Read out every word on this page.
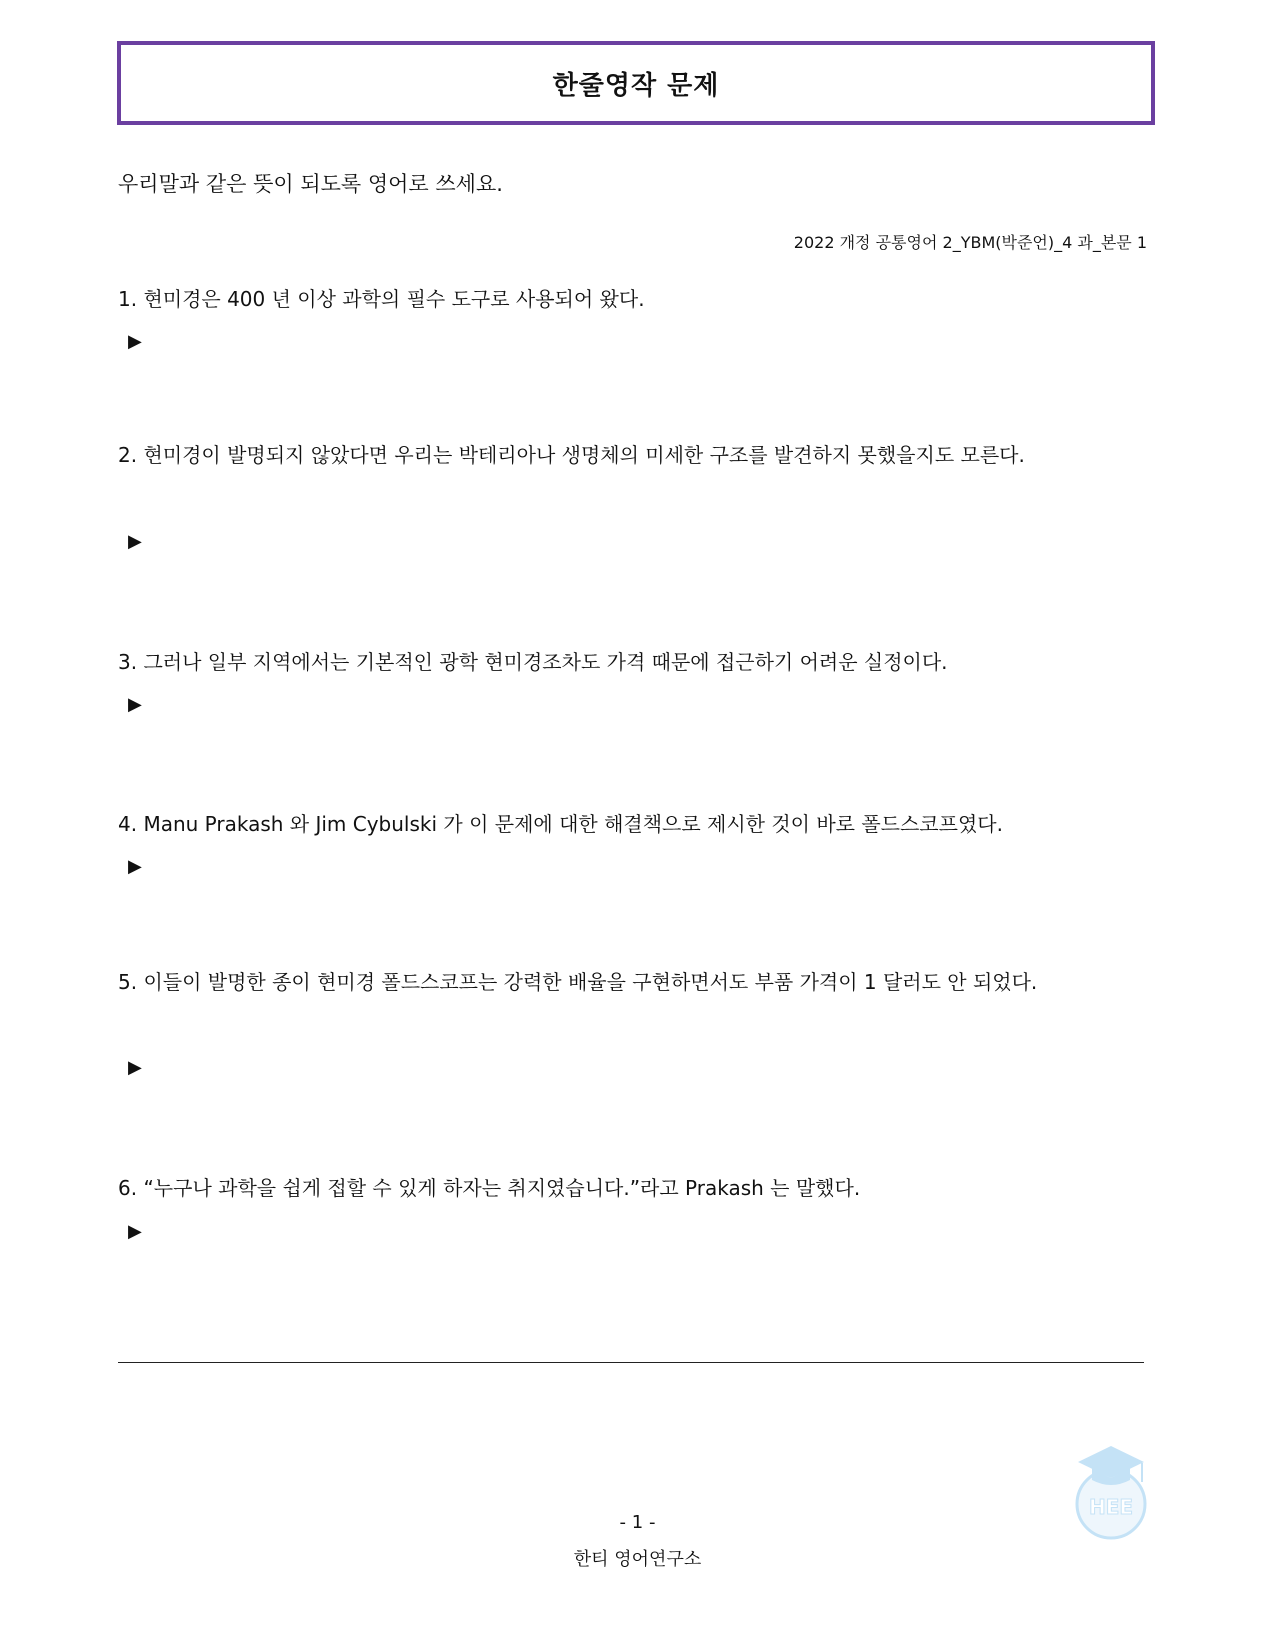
한줄영작 문제
우리말과 같은 뜻이 되도록 영어로 쓰세요.
2022 개정 공통영어 2_YBM(박준언)_4 과_본문 1
1. 현미경은 400 년 이상 과학의 필수 도구로 사용되어 왔다.
▶
2. 현미경이 발명되지 않았다면 우리는 박테리아나 생명체의 미세한 구조를 발견하지 못했을지도 모른다.
▶
3. 그러나 일부 지역에서는 기본적인 광학 현미경조차도 가격 때문에 접근하기 어려운 실정이다.
▶
4. Manu Prakash 와 Jim Cybulski 가 이 문제에 대한 해결책으로 제시한 것이 바로 폴드스코프였다.
▶
5. 이들이 발명한 종이 현미경 폴드스코프는 강력한 배율을 구현하면서도 부품 가격이 1 달러도 안 되었다.
▶
6. “누구나 과학을 쉽게 접할 수 있게 하자는 취지였습니다.”라고 Prakash 는 말했다.
▶
HEE
- 1 -
한티 영어연구소
